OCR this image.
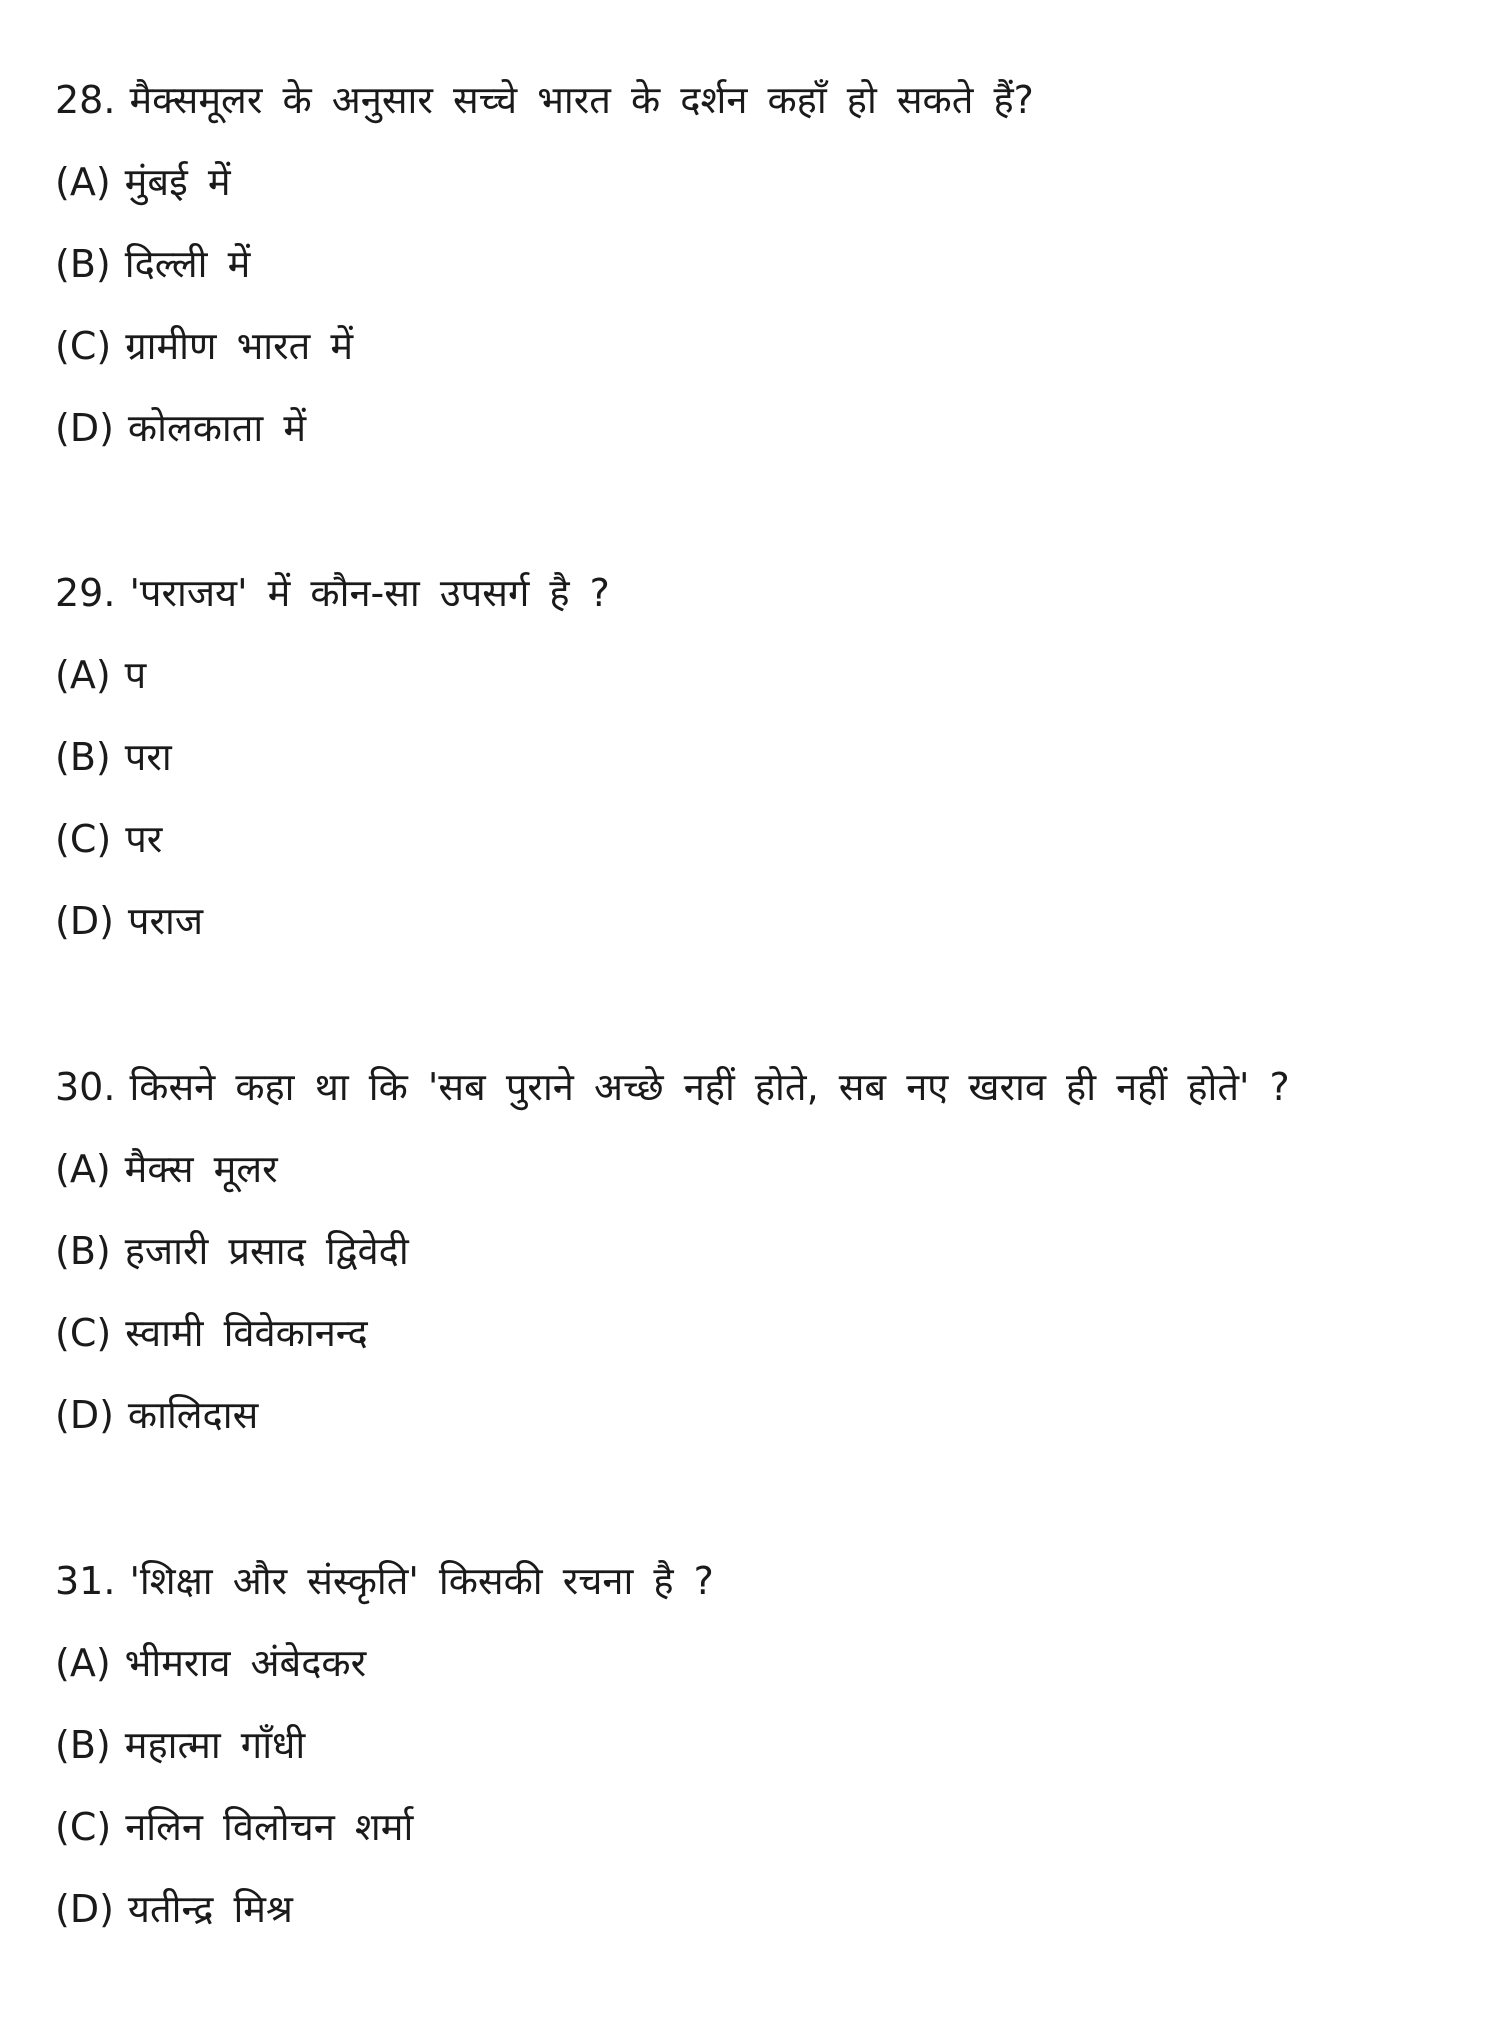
28. मैक्समूलर के अनुसार सच्चे भारत के दर्शन कहाँ हो सकते हैं?
(A) मुंबई में
(B) दिल्ली में
(C) ग्रामीण भारत में
(D) कोलकाता में
29. 'पराजय' में कौन-सा उपसर्ग है ?
(A) प
(B) परा
(C) पर
(D) पराज
30. किसने कहा था कि 'सब पुराने अच्छे नहीं होते, सब नए खराव ही नहीं होते' ?
(A) मैक्स मूलर
(B) हजारी प्रसाद द्विवेदी
(C) स्वामी विवेकानन्द
(D) कालिदास
31. 'शिक्षा और संस्कृति' किसकी रचना है ?
(A) भीमराव अंबेदकर
(B) महात्मा गाँधी
(C) नलिन विलोचन शर्मा
(D) यतीन्द्र मिश्र
